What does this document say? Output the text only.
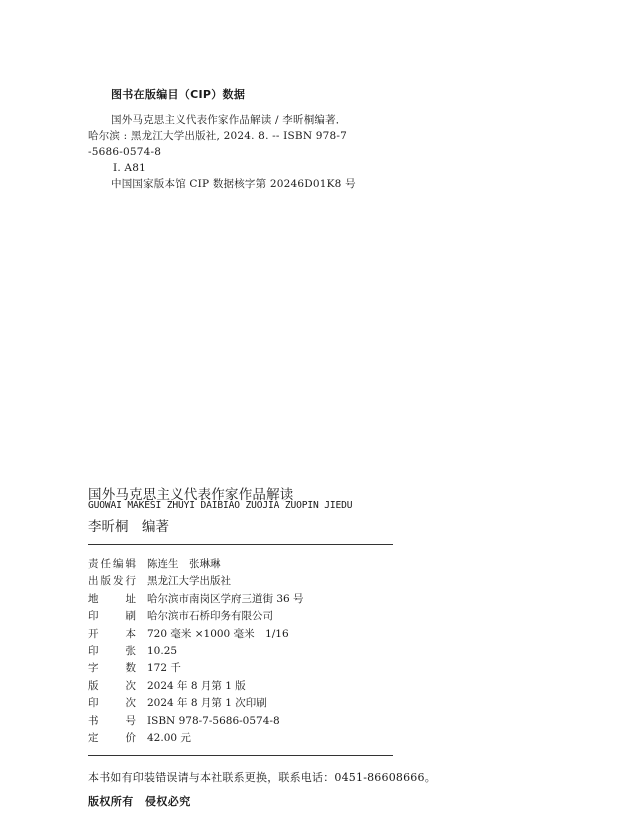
图书在版编目（CIP）数据
国外马克思主义代表作家作品解读 / 李昕桐编著．
哈尔滨 : 黑龙江大学出版社, 2024. 8. -- ISBN 978-7
-5686-0574-8
Ⅰ. A81
中国国家版本馆 CIP 数据核字第 20246D01K8 号
国外马克思主义代表作家作品解读
GUOWAI MAKESI ZHUYI DAIBIAO ZUOJIA ZUOPIN JIEDU
李昕桐　编著
责任编辑 陈连生　张琳琳
出版发行 黑龙江大学出版社
地址 哈尔滨市南岗区学府三道街 36 号
印刷 哈尔滨市石桥印务有限公司
开本 720 毫米 ×1000 毫米　1/16
印张 10.25
字数 172 千
版次 2024 年 8 月第 1 版
印次 2024 年 8 月第 1 次印刷
书号 ISBN 978-7-5686-0574-8
定价 42.00 元
本书如有印装错误请与本社联系更换，联系电话：0451-86608666。
版权所有　侵权必究
